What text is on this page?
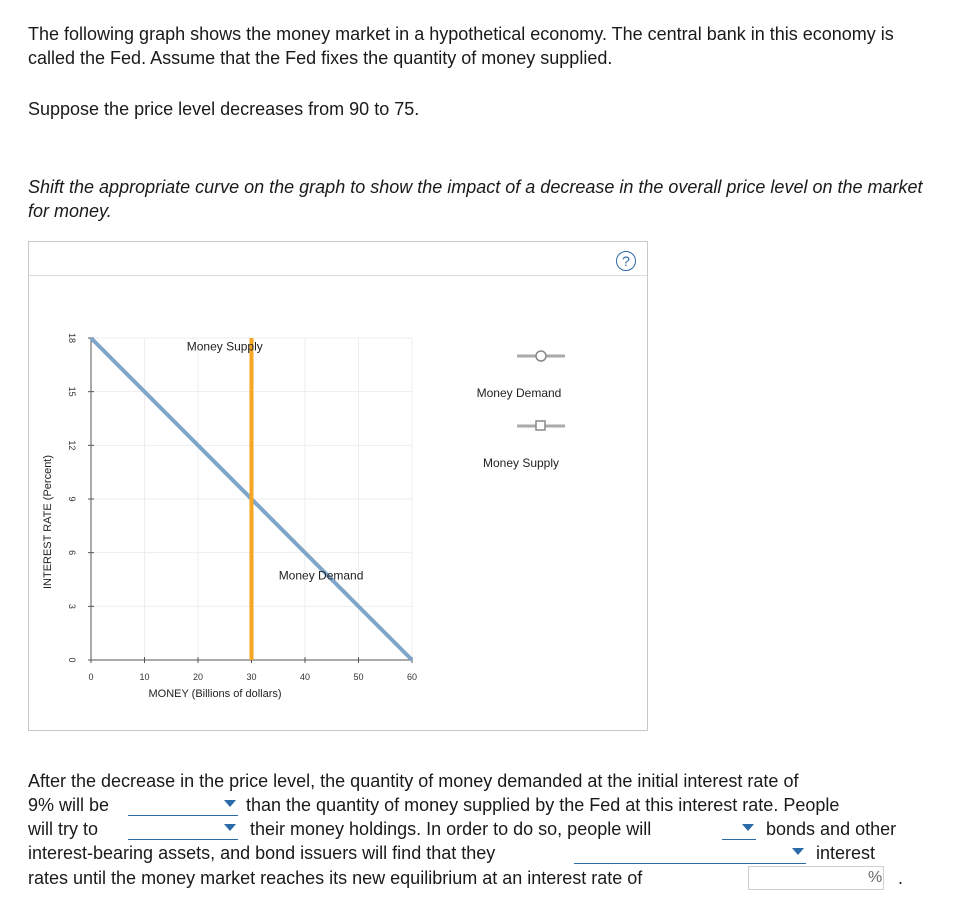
The following graph shows the money market in a hypothetical economy. The central bank in this economy is called the Fed. Assume that the Fed fixes the quantity of money supplied.

Suppose the price level decreases from 90 to 75.

Shift the appropriate curve on the graph to show the impact of a decrease in the overall price level on the market for money.

?
0
3
6
9
12
15
18
0	10	20	30	40	50	60
MONEY (Billions of dollars)
INTEREST RATE (Percent)	Money Demand
Money Supply
Money Demand
Money Supply
After the decrease in the price level, the quantity of money demanded at the initial interest rate of
9% will be	than the quantity of money supplied by the Fed at this interest rate. People
will try to	their money holdings. In order to do so, people will	bonds and other
interest-bearing assets, and bond issuers will find that they	interest
rates until the money market reaches its new equilibrium at an interest rate of	% .
